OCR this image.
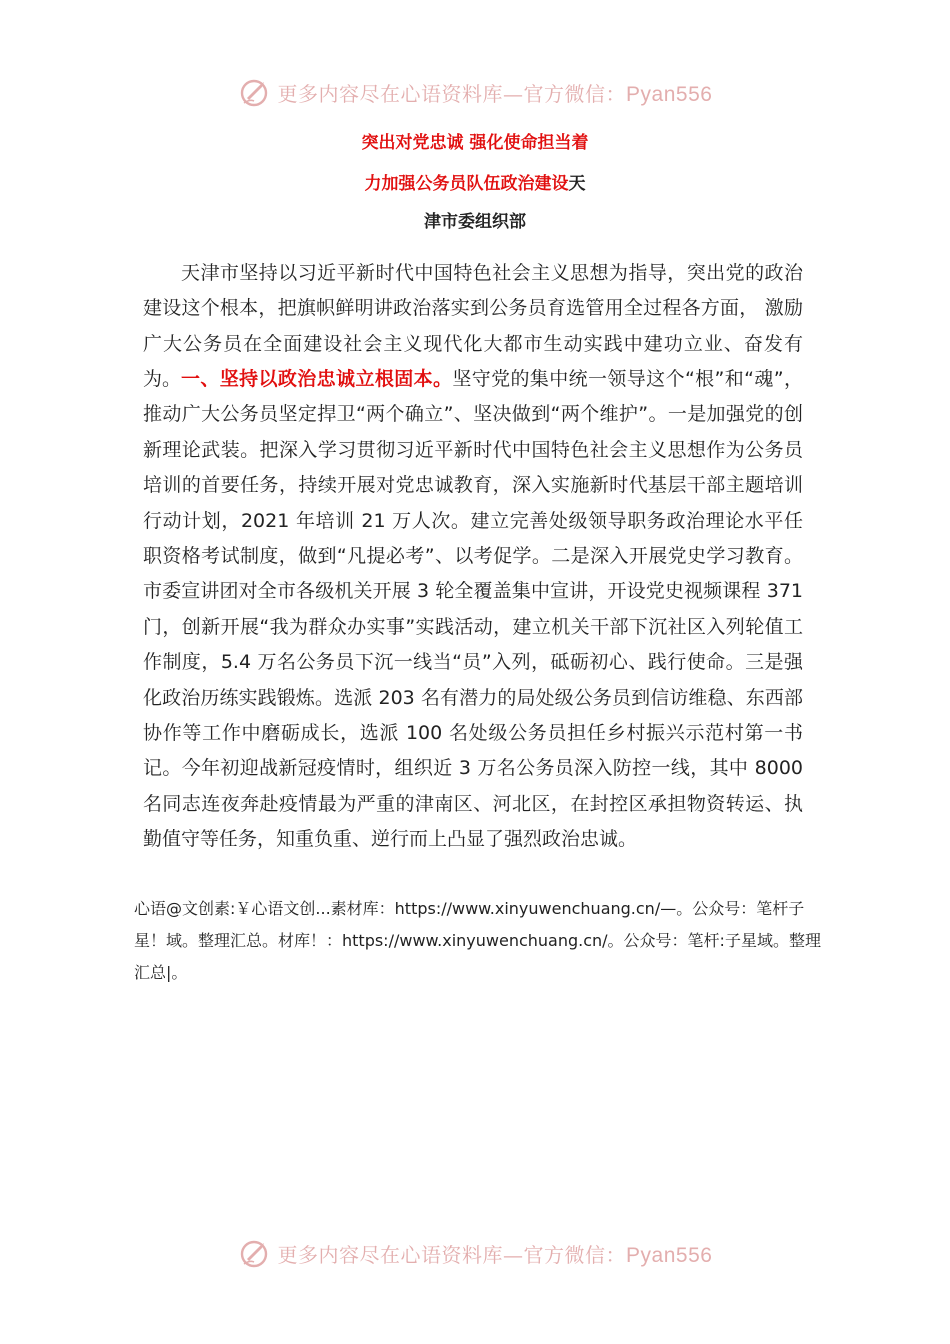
更多内容尽在心语资料库—官方微信：Pyan556
突出对党忠诚 强化使命担当着
力加强公务员队伍政治建设天
津市委组织部

天津市坚持以习近平新时代中国特色社会主义思想为指导，突出党的政治建设这个根本，把旗帜鲜明讲政治落实到公务员育选管用全过程各方面， 激励广大公务员在全面建设社会主义现代化大都市生动实践中建功立业、奋发有为。 一、坚持以政治忠诚立根固本。坚守党的集中统一领导这个“根”和“魂”，推动广大公务员坚定捍卫“两个确立”、坚决做到“两个维护”。一是加强党的创新理论武装。把深入学习贯彻习近平新时代中国特色社会主义思想作为公务员培训的首要任务，持续开展对党忠诚教育，深入实施新时代基层干部主题培训行动计划，2021 年培训 21 万人次。建立完善处级领导职务政治理论水平任职资格考试制度，做到“凡提必考”、以考促学。二是深入开展党史学习教育。市委宣讲团对全市各级机关开展 3 轮全覆盖集中宣讲，开设党史视频课程 371 门，创新开展“我为群众办实事”实践活动，建立机关干部下沉社区入列轮值工作制度，5.4 万名公务员下沉一线当“员”入列，砥砺初心、践行使命。三是强化政治历练实践锻炼。选派 203 名有潜力的局处级公务员到信访维稳、东西部协作等工作中磨砺成长，选派 100 名处级公务员担任乡村振兴示范村第一书记。今年初迎战新冠疫情时，组织近 3 万名公务员深入防控一线，其中 8000 名同志连夜奔赴疫情最为严重的津南区、河北区，在封控区承担物资转运、执勤值守等任务，知重负重、逆行而上凸显了强烈政治忠诚。

心语@文创素:￥心语文创...素材库：https://www.xinyuwenchuang.cn/—。公众号：笔杆子星！域。整理汇总。材库！：https://www.xinyuwenchuang.cn/。公众号：笔杆:子星域。整理汇总|。

更多内容尽在心语资料库—官方微信：Pyan556
